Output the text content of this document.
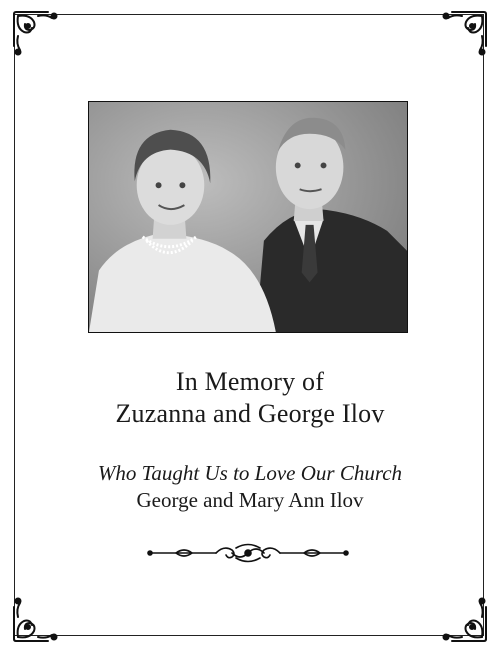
In Memory of
Zuzanna and George Ilov
Who Taught Us to Love Our Church
George and Mary Ann Ilov
